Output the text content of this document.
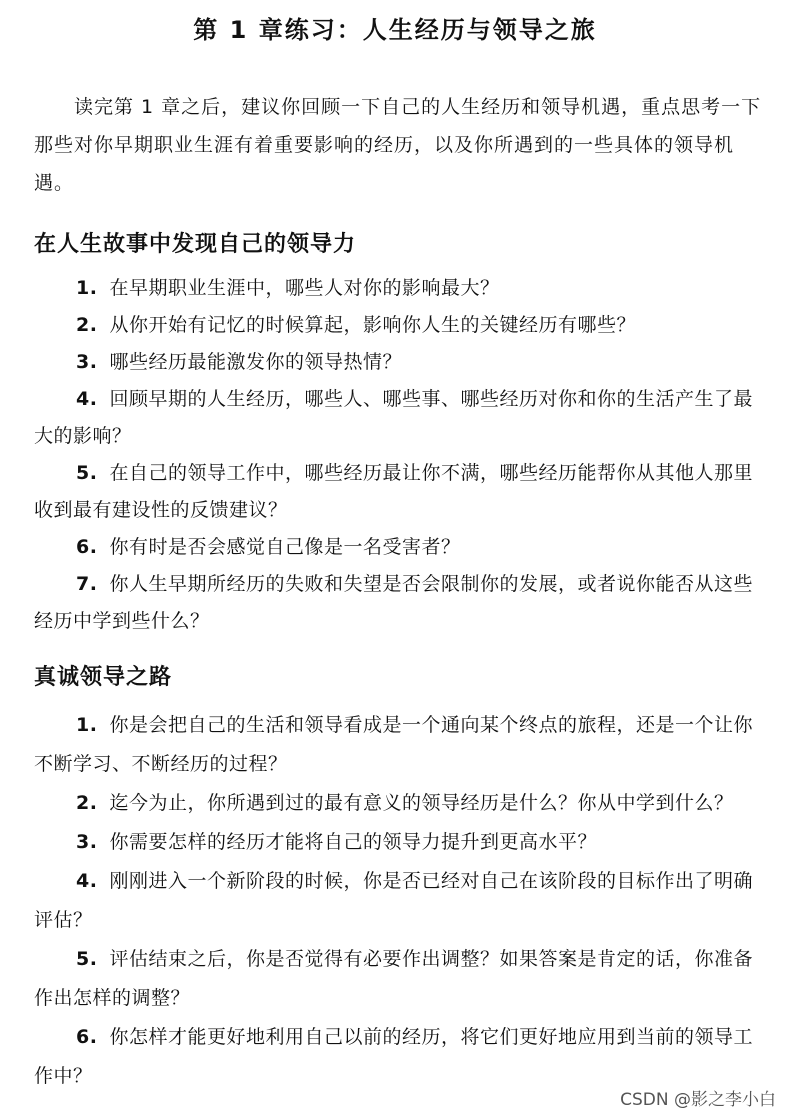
第 1 章练习：人生经历与领导之旅

读完第 1 章之后，建议你回顾一下自己的人生经历和领导机遇，重点思考一下那些对你早期职业生涯有着重要影响的经历，以及你所遇到的一些具体的领导机遇。

在人生故事中发现自己的领导力
1. 在早期职业生涯中，哪些人对你的影响最大？
2. 从你开始有记忆的时候算起，影响你人生的关键经历有哪些？
3. 哪些经历最能激发你的领导热情？
4. 回顾早期的人生经历，哪些人、哪些事、哪些经历对你和你的生活产生了最大的影响？
5. 在自己的领导工作中，哪些经历最让你不满，哪些经历能帮你从其他人那里收到最有建设性的反馈建议？
6. 你有时是否会感觉自己像是一名受害者？
7. 你人生早期所经历的失败和失望是否会限制你的发展，或者说你能否从这些经历中学到些什么？
真诚领导之路
1. 你是会把自己的生活和领导看成是一个通向某个终点的旅程，还是一个让你不断学习、不断经历的过程？
2. 迄今为止，你所遇到过的最有意义的领导经历是什么？你从中学到什么？
3. 你需要怎样的经历才能将自己的领导力提升到更高水平？
4. 刚刚进入一个新阶段的时候，你是否已经对自己在该阶段的目标作出了明确评估？
5. 评估结束之后，你是否觉得有必要作出调整？如果答案是肯定的话，你准备作出怎样的调整？
6. 你怎样才能更好地利用自己以前的经历，将它们更好地应用到当前的领导工作中？
CSDN @影之李小白
